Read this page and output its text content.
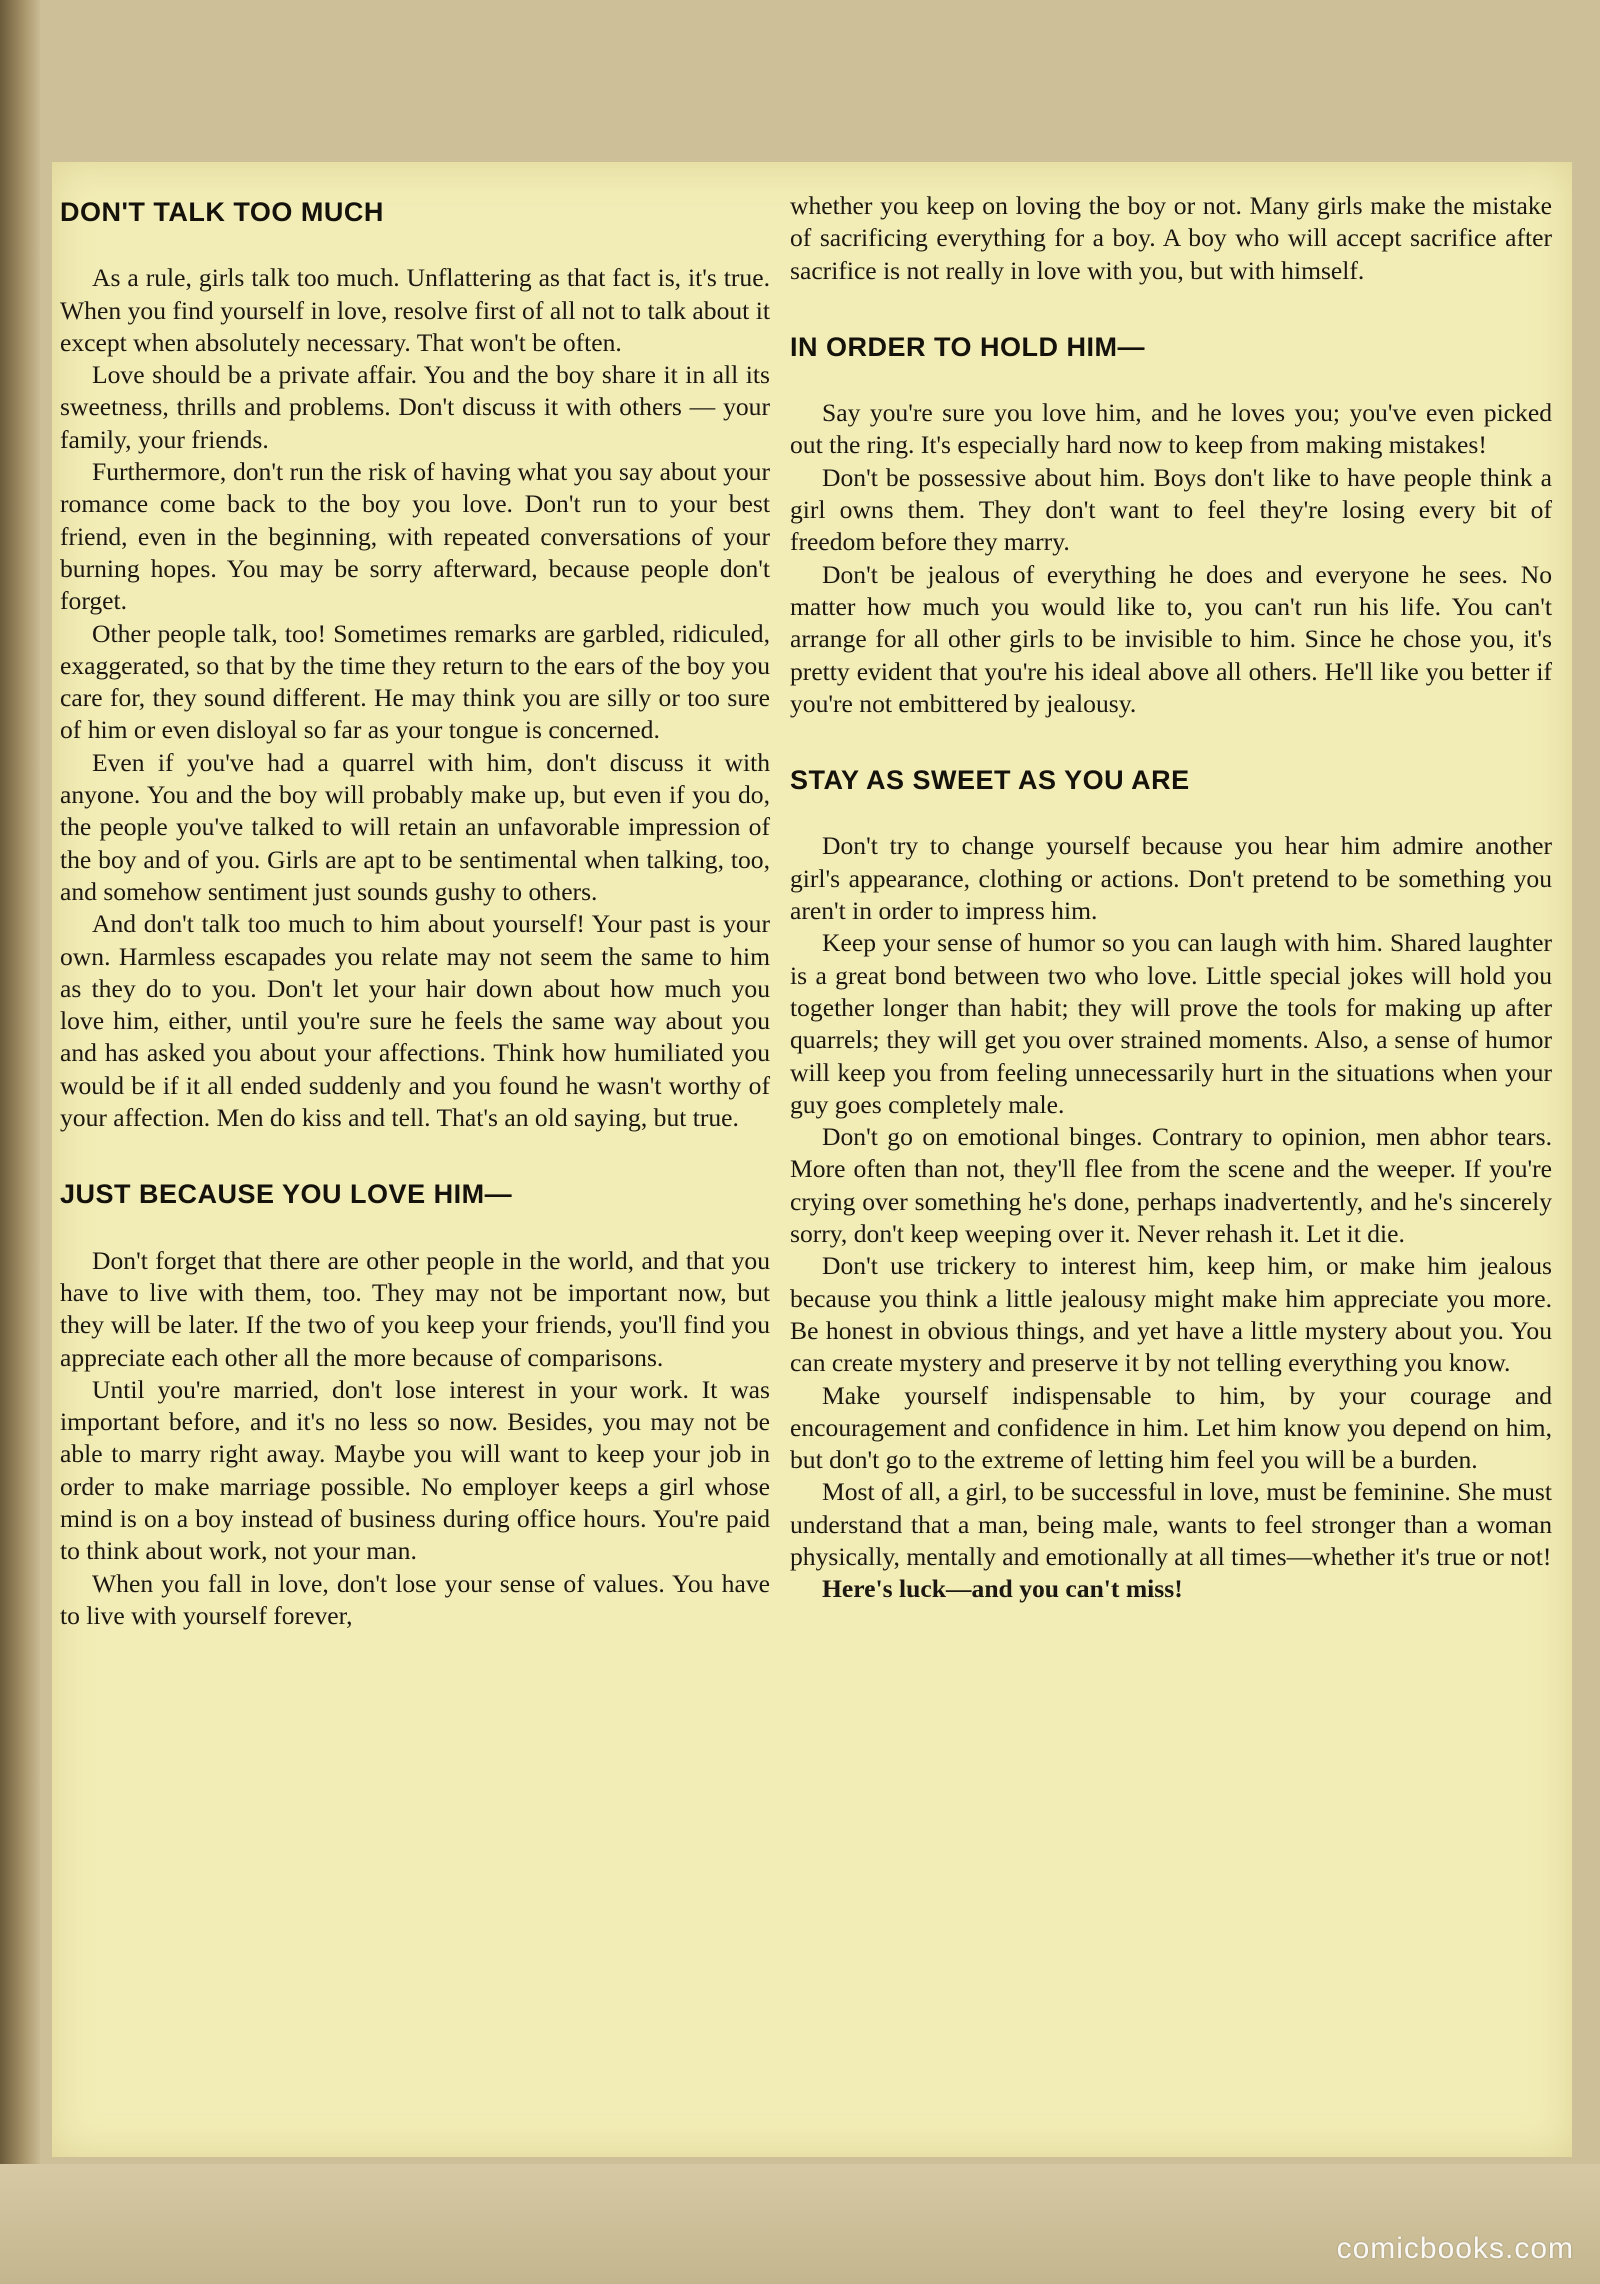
DON'T TALK TOO MUCH

As a rule, girls talk too much. Unflattering as that fact is, it's true. When you find yourself in love, resolve first of all not to talk about it except when absolutely necessary. That won't be often.

Love should be a private affair. You and the boy share it in all its sweetness, thrills and problems. Don't discuss it with others — your family, your friends.

Furthermore, don't run the risk of having what you say about your romance come back to the boy you love. Don't run to your best friend, even in the beginning, with repeated conversations of your burning hopes. You may be sorry afterward, because people don't forget.

Other people talk, too! Sometimes remarks are garbled, ridiculed, exaggerated, so that by the time they return to the ears of the boy you care for, they sound different. He may think you are silly or too sure of him or even disloyal so far as your tongue is concerned.

Even if you've had a quarrel with him, don't discuss it with anyone. You and the boy will probably make up, but even if you do, the people you've talked to will retain an unfavorable impression of the boy and of you. Girls are apt to be sentimental when talking, too, and somehow sentiment just sounds gushy to others.

And don't talk too much to him about yourself! Your past is your own. Harmless escapades you relate may not seem the same to him as they do to you. Don't let your hair down about how much you love him, either, until you're sure he feels the same way about you and has asked you about your affections. Think how humiliated you would be if it all ended suddenly and you found he wasn't worthy of your affection. Men do kiss and tell. That's an old saying, but true.

JUST BECAUSE YOU LOVE HIM—

Don't forget that there are other people in the world, and that you have to live with them, too. They may not be important now, but they will be later. If the two of you keep your friends, you'll find you appreciate each other all the more because of comparisons.

Until you're married, don't lose interest in your work. It was important before, and it's no less so now. Besides, you may not be able to marry right away. Maybe you will want to keep your job in order to make marriage possible. No employer keeps a girl whose mind is on a boy instead of business during office hours. You're paid to think about work, not your man.

When you fall in love, don't lose your sense of values. You have to live with yourself forever,

whether you keep on loving the boy or not. Many girls make the mistake of sacrificing everything for a boy. A boy who will accept sacrifice after sacrifice is not really in love with you, but with himself.

IN ORDER TO HOLD HIM—

Say you're sure you love him, and he loves you; you've even picked out the ring. It's especially hard now to keep from making mistakes!

Don't be possessive about him. Boys don't like to have people think a girl owns them. They don't want to feel they're losing every bit of freedom before they marry.

Don't be jealous of everything he does and everyone he sees. No matter how much you would like to, you can't run his life. You can't arrange for all other girls to be invisible to him. Since he chose you, it's pretty evident that you're his ideal above all others. He'll like you better if you're not embittered by jealousy.

STAY AS SWEET AS YOU ARE

Don't try to change yourself because you hear him admire another girl's appearance, clothing or actions. Don't pretend to be something you aren't in order to impress him.

Keep your sense of humor so you can laugh with him. Shared laughter is a great bond between two who love. Little special jokes will hold you together longer than habit; they will prove the tools for making up after quarrels; they will get you over strained moments. Also, a sense of humor will keep you from feeling unnecessarily hurt in the situations when your guy goes completely male.

Don't go on emotional binges. Contrary to opinion, men abhor tears. More often than not, they'll flee from the scene and the weeper. If you're crying over something he's done, perhaps inadvertently, and he's sincerely sorry, don't keep weeping over it. Never rehash it. Let it die.

Don't use trickery to interest him, keep him, or make him jealous because you think a little jealousy might make him appreciate you more. Be honest in obvious things, and yet have a little mystery about you. You can create mystery and preserve it by not telling everything you know.

Make yourself indispensable to him, by your courage and encouragement and confidence in him. Let him know you depend on him, but don't go to the extreme of letting him feel you will be a burden.

Most of all, a girl, to be successful in love, must be feminine. She must understand that a man, being male, wants to feel stronger than a woman physically, mentally and emotionally at all times—whether it's true or not!

Here's luck—and you can't miss!

comicbooks.com
